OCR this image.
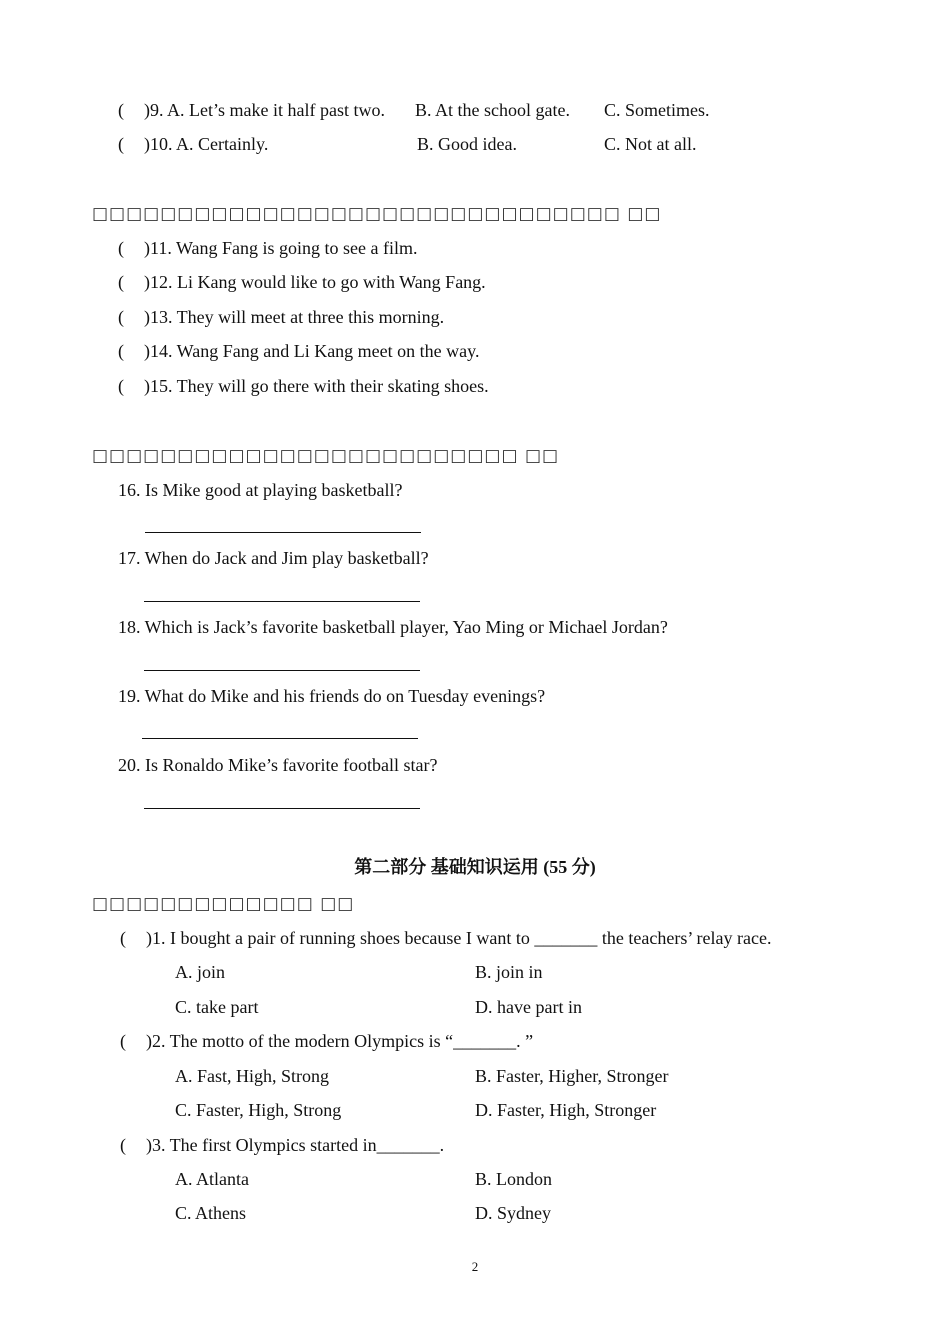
( )9. A. Let’s make it half past two. B. At the school gate. C. Sometimes.
( )10. A. Certainly.	B. Good idea.	C. Not at all.
□□□□□□□□□□□□□□□□□□□□□□□□□□□□□□□ □□
( )11. Wang Fang is going to see a film.
( )12. Li Kang would like to go with Wang Fang.
( )13. They will meet at three this morning.
( )14. Wang Fang and Li Kang meet on the way.
( )15. They will go there with their skating shoes.
□□□□□□□□□□□□□□□□□□□□□□□□□ □□
16. Is Mike good at playing basketball?
17. When do Jack and Jim play basketball?
18. Which is Jack’s favorite basketball player, Yao Ming or Michael Jordan?
19. What do Mike and his friends do on Tuesday evenings?
20. Is Ronaldo Mike’s favorite football star?
第二部分 基础知识运用 (55 分)
□□□□□□□□□□□□□ □□
( )1. I bought a pair of running shoes because I want to _______ the teachers’ relay race.
A. join	B. join in
C. take part	D. have part in
( )2. The motto of the modern Olympics is “_______. ”
A. Fast, High, Strong	B. Faster, Higher, Stronger
C. Faster, High, Strong	D. Faster, High, Stronger
( )3. The first Olympics started in_______.
A. Atlanta	B. London
C. Athens	D. Sydney
2
